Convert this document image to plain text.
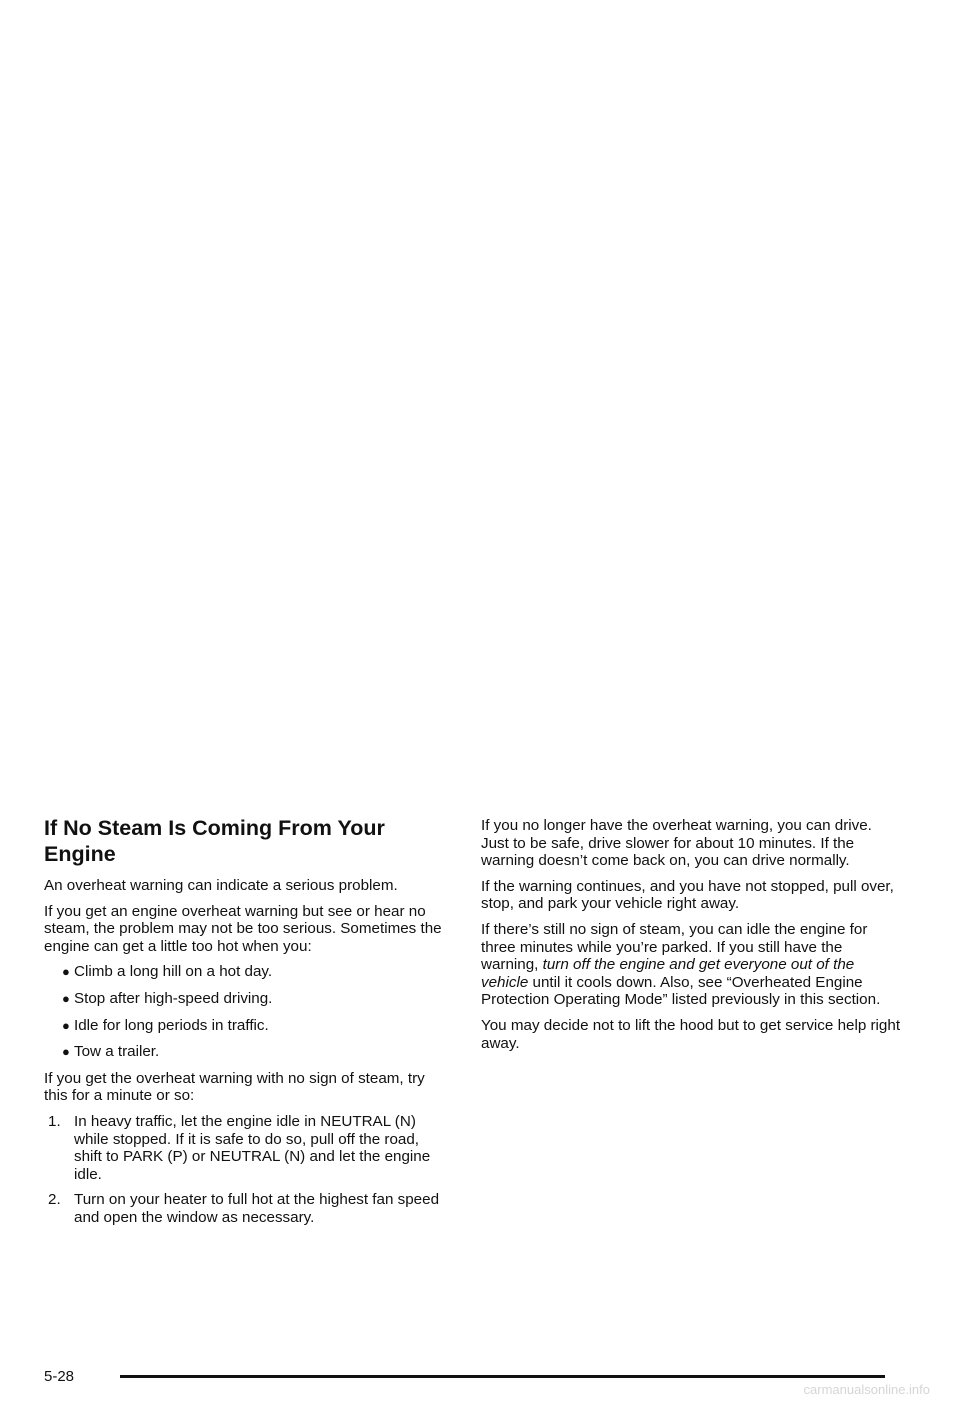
If No Steam Is Coming From Your Engine

An overheat warning can indicate a serious problem.

If you get an engine overheat warning but see or hear no steam, the problem may not be too serious. Sometimes the engine can get a little too hot when you:

● Climb a long hill on a hot day.
● Stop after high-speed driving.
● Idle for long periods in traffic.
● Tow a trailer.

If you get the overheat warning with no sign of steam, try this for a minute or so:

1. In heavy traffic, let the engine idle in NEUTRAL (N) while stopped. If it is safe to do so, pull off the road, shift to PARK (P) or NEUTRAL (N) and let the engine idle.
2. Turn on your heater to full hot at the highest fan speed and open the window as necessary.

If you no longer have the overheat warning, you can drive. Just to be safe, drive slower for about 10 minutes. If the warning doesn’t come back on, you can drive normally.

If the warning continues, and you have not stopped, pull over, stop, and park your vehicle right away.

If there’s still no sign of steam, you can idle the engine for three minutes while you’re parked. If you still have the warning, turn off the engine and get everyone out of the vehicle until it cools down. Also, see “Overheated Engine Protection Operating Mode” listed previously in this section.

You may decide not to lift the hood but to get service help right away.

5-28
carmanualsonline.info
